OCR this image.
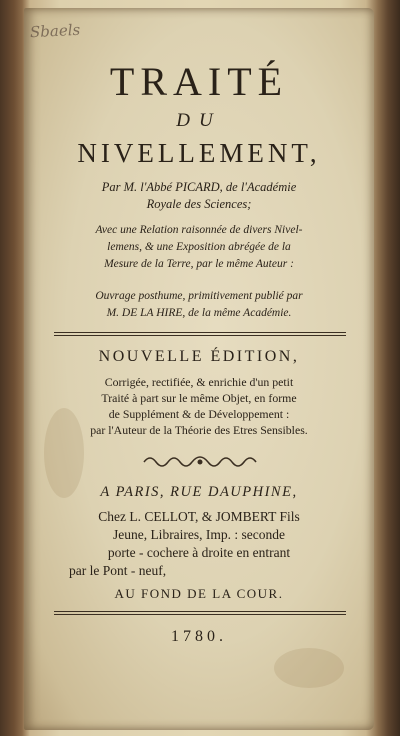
Sbaels
TRAITÉ
DU
NIVELLEMENT,
Par M. l'Abbé PICARD, de l'Académie
Royale des Sciences;
Avec une Relation raisonnée de divers Nivel-
lemens, & une Exposition abrégée de la
Mesure de la Terre, par le même Auteur :
Ouvrage posthume, primitivement publié par
M. DE LA HIRE, de la même Académie.
NOUVELLE ÉDITION,
Corrigée, rectifiée, & enrichie d'un petit
Traité à part sur le même Objet, en forme
de Supplément & de Développement :
par l'Auteur de la Théorie des Etres Sensibles.
A PARIS, RUE DAUPHINE,
Chez L. CELLOT, & JOMBERT Fils
Jeune, Libraires, Imp. : seconde
porte - cochere à droite en entrant
par le Pont - neuf,
AU FOND DE LA COUR.
1780.
